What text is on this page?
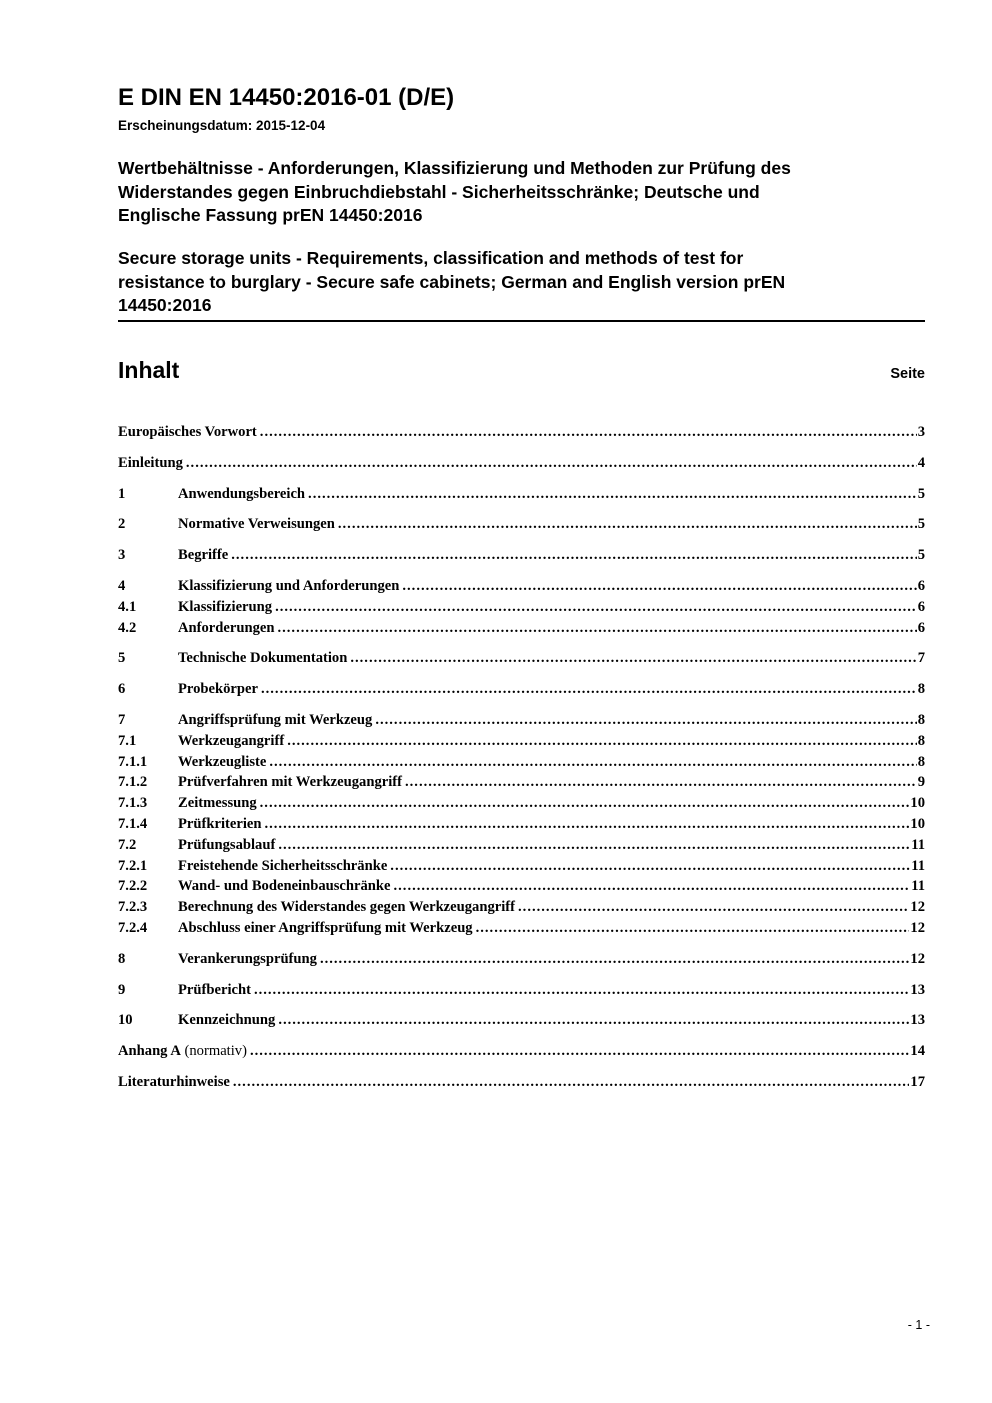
E DIN EN 14450:2016-01 (D/E)
Erscheinungsdatum: 2015-12-04
Wertbehältnisse - Anforderungen, Klassifizierung und Methoden zur Prüfung des
Widerstandes gegen Einbruchdiebstahl - Sicherheitsschränke; Deutsche und
Englische Fassung prEN 14450:2016
Secure storage units - Requirements, classification and methods of test for
resistance to burglary - Secure safe cabinets; German and English version prEN
14450:2016
Inhalt	Seite
Europäisches Vorwort .....	3
Einleitung .....	4
1	Anwendungsbereich .....	5
2	Normative Verweisungen .....	5
3	Begriffe .....	5
4	Klassifizierung und Anforderungen .....	6
4.1	Klassifizierung .....	6
4.2	Anforderungen .....	6
5	Technische Dokumentation .....	7
6	Probekörper .....	8
7	Angriffsprüfung mit Werkzeug .....	8
7.1	Werkzeugangriff .....	8
7.1.1	Werkzeugliste .....	8
7.1.2	Prüfverfahren mit Werkzeugangriff .....	9
7.1.3	Zeitmessung .....	10
7.1.4	Prüfkriterien .....	10
7.2	Prüfungsablauf .....	11
7.2.1	Freistehende Sicherheitsschränke .....	11
7.2.2	Wand- und Bodeneinbauschränke .....	11
7.2.3	Berechnung des Widerstandes gegen Werkzeugangriff .....	12
7.2.4	Abschluss einer Angriffsprüfung mit Werkzeug .....	12
8	Verankerungsprüfung .....	12
9	Prüfbericht .....	13
10	Kennzeichnung .....	13
Anhang A (normativ) .....	14
Literaturhinweise .....	17
- 1 -
